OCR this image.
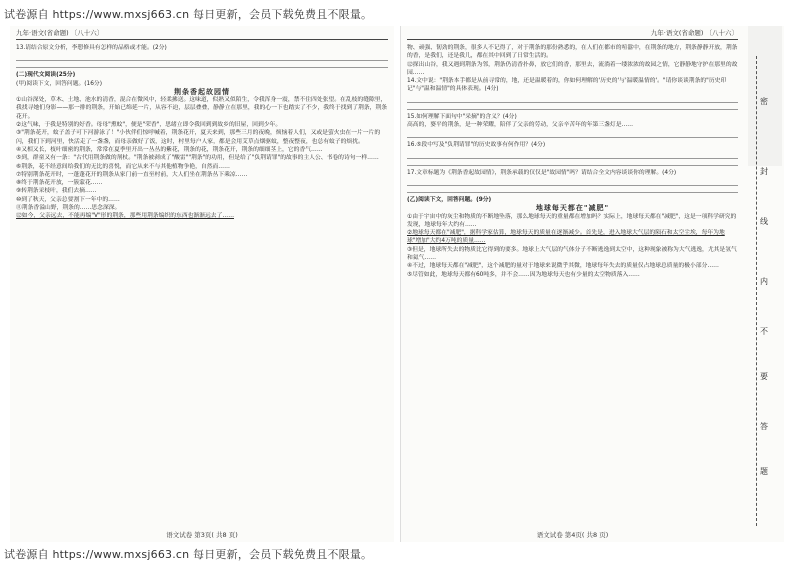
试卷源自 https://www.mxsj663.cn 每日更新，会员下载免费且不限量。
九年·语文(省命题) 〔八十六〕

13.请结合原文分析，李愬修具有怎样的品格或才能。(2分)

(二)现代文阅读(25分)

(甲)阅读下文，回答问题。(16分)

荆条香起故园情

①山谷深处，草木、土地、池水的清香，混合在微风中，轻柔拂送。这味道，似熟又似陌生，令我浑身一震，禁不住四处张望。在乱枝的缝隙里，我找寻她们身影——那一排的荆条，开始已绵延一片，从容不迫，层层叠叠，静静立在那里，我的心一下也踏实了不少，我终于找到了荆条，荆条花开。

②这气味，于我是特别的好香。母母"熏蚊"，便是"荣香"，思绪立即令我回到到故乡的旧屋，回到少年。

③"荆条花开，蚊子盖子可下河游泳了！"小伙伴们惊呼喊着，荆条花开，夏天来到，那些三月的夜晚，烦恼着人们，又或是萤火虫在一片一片的闪，我们下到河里，快活走了一盏盏，而母亲做好了饭，这时，村里每户人家，都是会用艾草点烟驱蚊，整夜整夜，也总有蚊子的烦扰。

④又相又长，枝叶细密的荆条，常常在夏季里开出一丛丛的紫花，荆条的花，荆条花开，荆条的细细茎上，它的香气……

⑤到，群童又有一条："古代用荆条做的剂杖。"荆条被剥成了"酸雷""荆条"的功用，但是给了"负荆请罪"的故事的主人公、书卷的诗句一样……

⑥荆条，花不经意间给我们的无比的喜悦，而它从来不与其他植物争艳，自然而……

⑦特别荆条花开时，一蓬蓬花开的荆条从家门前一直至村前，大人们坐在荆条丛下乘凉……

⑧终于荆条花开放，一簇蒙花……

⑨转荆条采枝叶，我们去摘……

⑩到了秋天，父亲总要割下一年中的……

⑪荆条香溢山野，荆条的……思念深深。

⑫如今，父亲远去，不能再编"V"形的荆条，那些用荆条编织的东西也渐渐远去了……

语文试卷 第3页( 共8 页)
九年·语文(省命题) 〔八十六〕

物、顽强、韧劲的荆条，很多人不记得了，对于荆条的那份熟悉的，在人们在都市的喧嚣中，在荆条的地方，荆条静静开放，荆条的香，是我们，还是我儿，都在其中回到了日常生活的。

⑫探出山谷，我又遇到荆条为邻，荆条仍清香扑鼻，放它们的香，那里去，流淌着一缕浓浓的故园之情，它静静地守护在那里的故园……

14.文中说："荆条本手都是从前寻常的，地，还是温暖着的，你如何理解的'历史的'与'温暖温情的'。"请你谈谈荆条的"历史印记"与"温和温情"的具体表现。(4分)

15.如何理解下面句中"采摘"的含义？(4分)

高高的，婆平的荆条，是一种荣耀，陪伴了父亲的劳动，父亲辛苦年的年第三盏灯是……

16.⑤段中写及"负荆请罪"的历史故事有何作用？(4分)

17.文章标题为《荆条香起故园情》，荆条承载的仅仅是"故园情"吗？请结合全文内容谈谈你的理解。(4分)

(乙)阅读下文，回答问题。(9分)

地球每天都在"减肥"

①由于宇宙中的灰尘和物质的不断地坠落，那么地球每天的重量都在增加吗？实际上，地球每天都在"减肥"，这是一项科学研究的发现，地球每年大约有……

②地球每天都在"减肥"，据科学家估算，地球每天的质量在逐渐减少。首先是，进入地球大气层的陨石和太空尘埃，每年为地球"增加"大约4万吨的质量……

③但是，地球所失去的物质比它得到的要多。地球上大气层的气体分子不断逃逸到太空中，这种现象被称为大气逃逸，尤其是氢气和氦气……

④不过，地球每天都在"减肥"，这个减肥的量对于地球来说微乎其微，地球每年失去的质量仅占地球总质量的极小部分……

⑤尽管如此，地球每天都有60吨多，并不会……因为地球每天也有少量的太空物质落入……

语文试卷 第4页( 共8 页)
密
封
线
内
不
要
答
题
试卷源自 https://www.mxsj663.cn 每日更新，会员下载免费且不限量。
